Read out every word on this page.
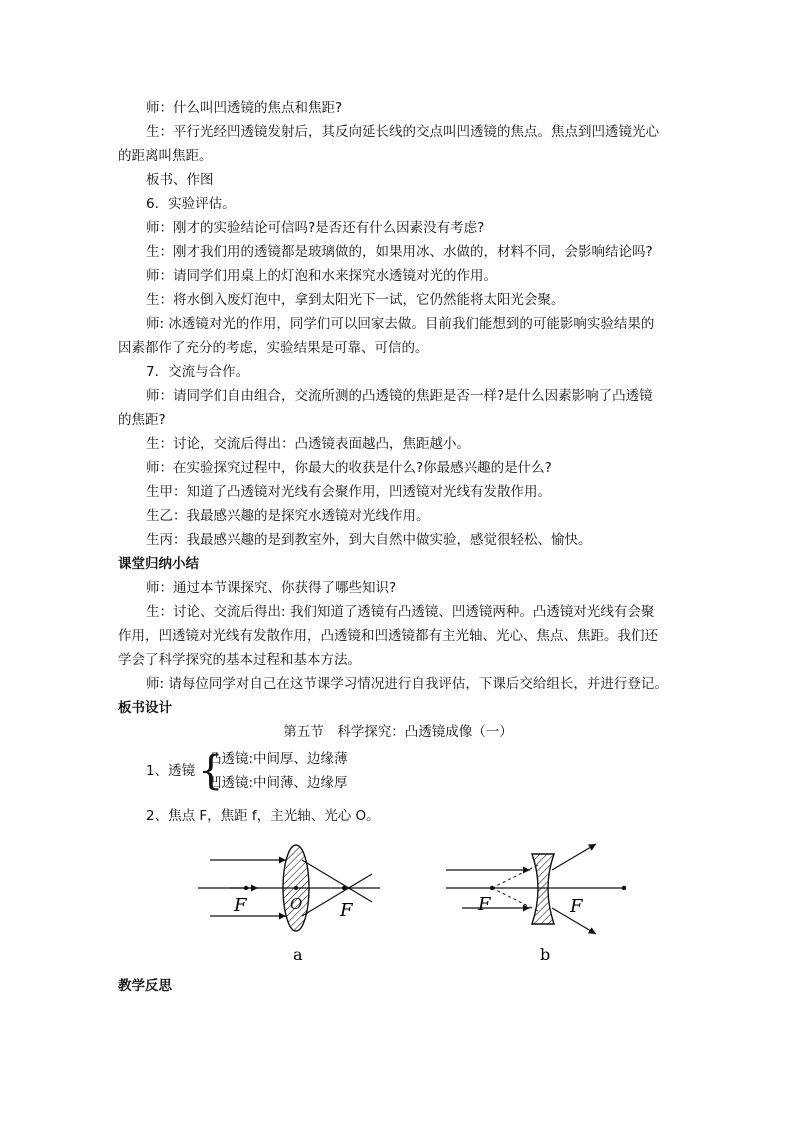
师：什么叫凹透镜的焦点和焦距?
生：平行光经凹透镜发射后，其反向延长线的交点叫凹透镜的焦点。焦点到凹透镜光心
的距离叫焦距。
板书、作图
6．实验评估。
师：刚才的实验结论可信吗?是否还有什么因素没有考虑?
生：刚才我们用的透镜都是玻璃做的，如果用冰、水做的，材料不同，会影响结论吗?
师：请同学们用桌上的灯泡和水来探究水透镜对光的作用。
生：将水倒入废灯泡中，拿到太阳光下一试，它仍然能将太阳光会聚。
师: 冰透镜对光的作用，同学们可以回家去做。目前我们能想到的可能影响实验结果的
因素都作了充分的考虑，实验结果是可靠、可信的。
7．交流与合作。
师：请同学们自由组合，交流所测的凸透镜的焦距是否一样?是什么因素影响了凸透镜
的焦距?
生：讨论，交流后得出：凸透镜表面越凸，焦距越小。
师：在实验探究过程中，你最大的收获是什么?你最感兴趣的是什么?
生甲：知道了凸透镜对光线有会聚作用，凹透镜对光线有发散作用。
生乙：我最感兴趣的是探究水透镜对光线作用。
生丙：我最感兴趣的是到教室外，到大自然中做实验，感觉很轻松、愉快。
课堂归纳小结
师：通过本节课探究、你获得了哪些知识?
生：讨论、交流后得出: 我们知道了透镜有凸透镜、凹透镜两种。凸透镜对光线有会聚
作用，凹透镜对光线有发散作用，凸透镜和凹透镜都有主光轴、光心、焦点、焦距。我们还
学会了科学探究的基本过程和基本方法。
师: 请每位同学对自己在这节课学习情况进行自我评估，下课后交给组长，并进行登记。
板书设计
第五节　科学探究：凸透镜成像（一）
1、透镜 {
凸透镜:中间厚、边缘薄
凹透镜:中间薄、边缘厚
2、焦点 F，焦距 f，主光轴、光心 O。
F	O F
a
F	F
b
教学反思
